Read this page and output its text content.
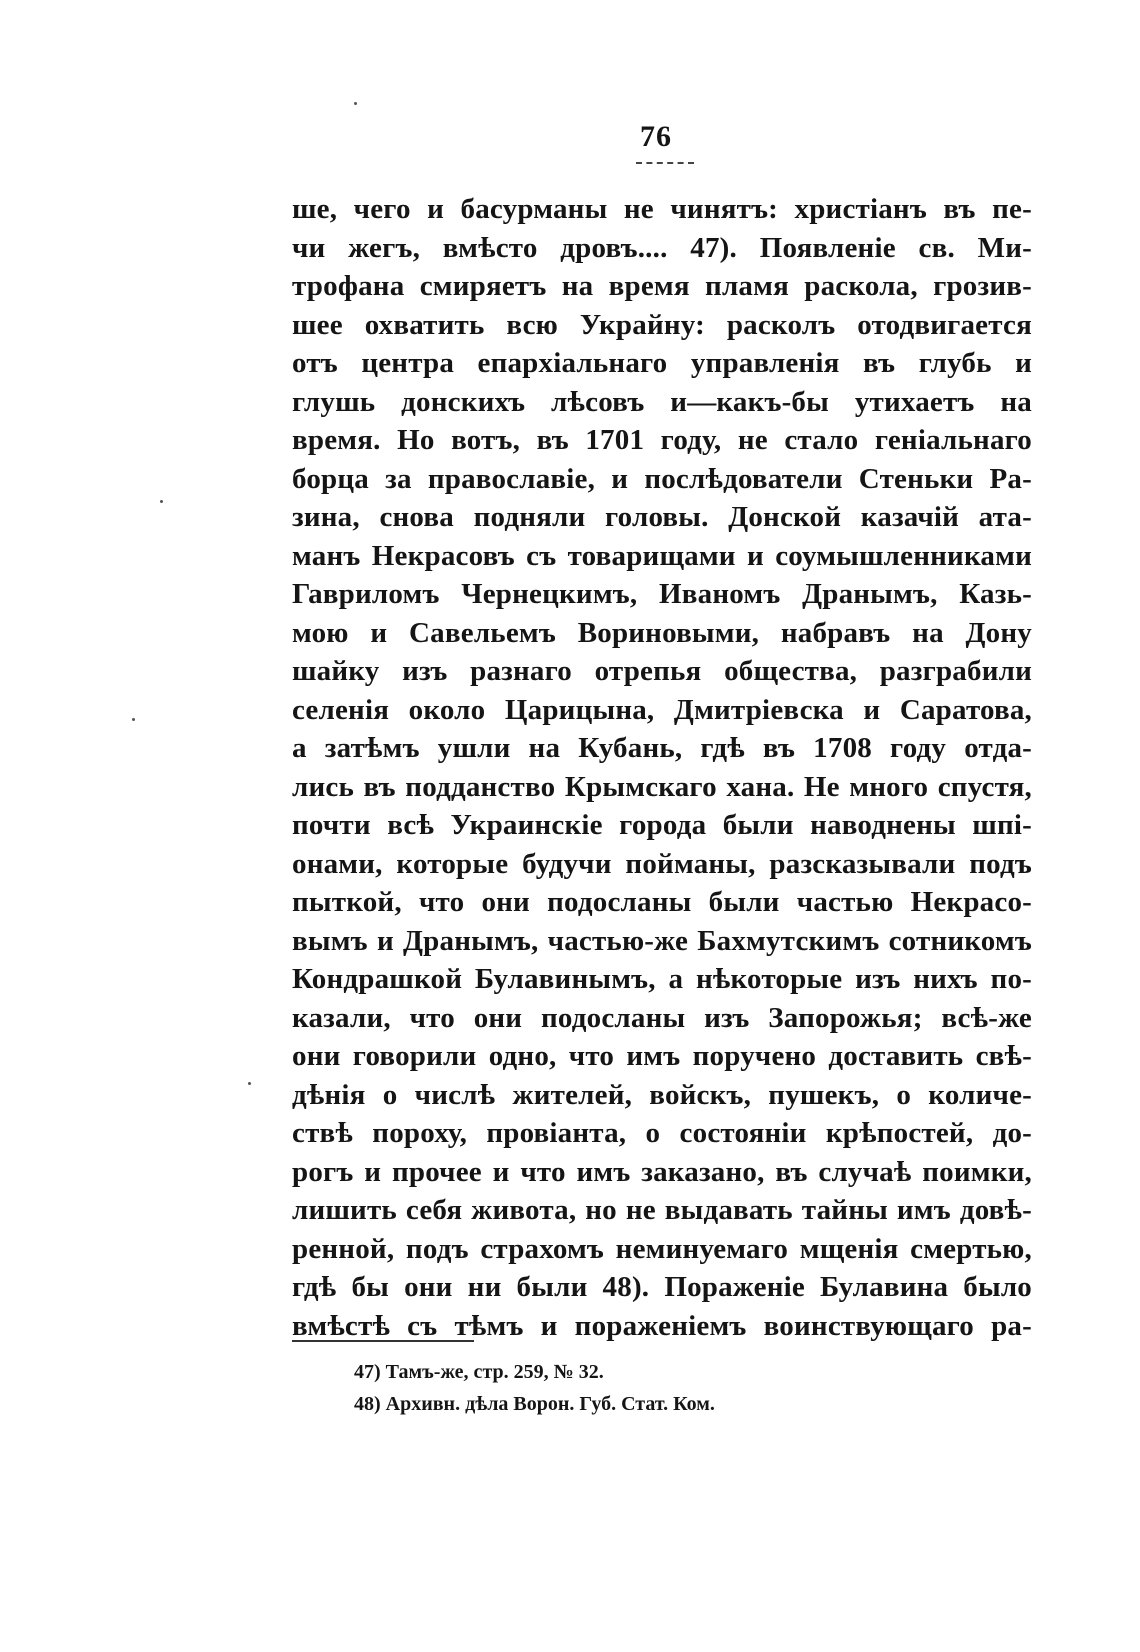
76
ше, чего и басурманы не чинятъ: христіанъ въ пе-
чи жегъ, вмѣсто дровъ.... 47). Появленіе св. Ми-
трофана смиряетъ на время пламя раскола, грозив-
шее охватить всю Украйну: расколъ отодвигается
отъ центра епархіальнаго управленія въ глубь и
глушь донскихъ лѣсовъ и—какъ-бы утихаетъ на
время. Но вотъ, въ 1701 году, не стало геніальнаго
борца за православіе, и послѣдователи Стеньки Ра-
зина, снова подняли головы. Донской казачій ата-
манъ Некрасовъ съ товарищами и соумышленниками
Гавриломъ Чернецкимъ, Иваномъ Дранымъ, Казь-
мою и Савельемъ Вориновыми, набравъ на Дону
шайку изъ разнаго отрепья общества, разграбили
селенія около Царицына, Дмитріевска и Саратова,
а затѣмъ ушли на Кубань, гдѣ въ 1708 году отда-
лись въ подданство Крымскаго хана. Не много спустя,
почти всѣ Украинскіе города были наводнены шпі-
онами, которые будучи пойманы, разсказывали подъ
пыткой, что они подосланы были частью Некрасо-
вымъ и Дранымъ, частью-же Бахмутскимъ сотникомъ
Кондрашкой Булавинымъ, а нѣкоторые изъ нихъ по-
казали, что они подосланы изъ Запорожья; всѣ-же
они говорили одно, что имъ поручено доставить свѣ-
дѣнія о числѣ жителей, войскъ, пушекъ, о количе-
ствѣ пороху, провіанта, о состояніи крѣпостей, до-
рогъ и прочее и что имъ заказано, въ случаѣ поимки,
лишить себя живота, но не выдавать тайны имъ довѣ-
ренной, подъ страхомъ неминуемаго мщенія смертью,
гдѣ бы они ни были 48). Пораженіе Булавина было
вмѣстѣ съ тѣмъ и пораженіемъ воинствующаго ра-
47) Тамъ-же, стр. 259, № 32.
48) Архивн. дѣла Ворон. Губ. Стат. Ком.
